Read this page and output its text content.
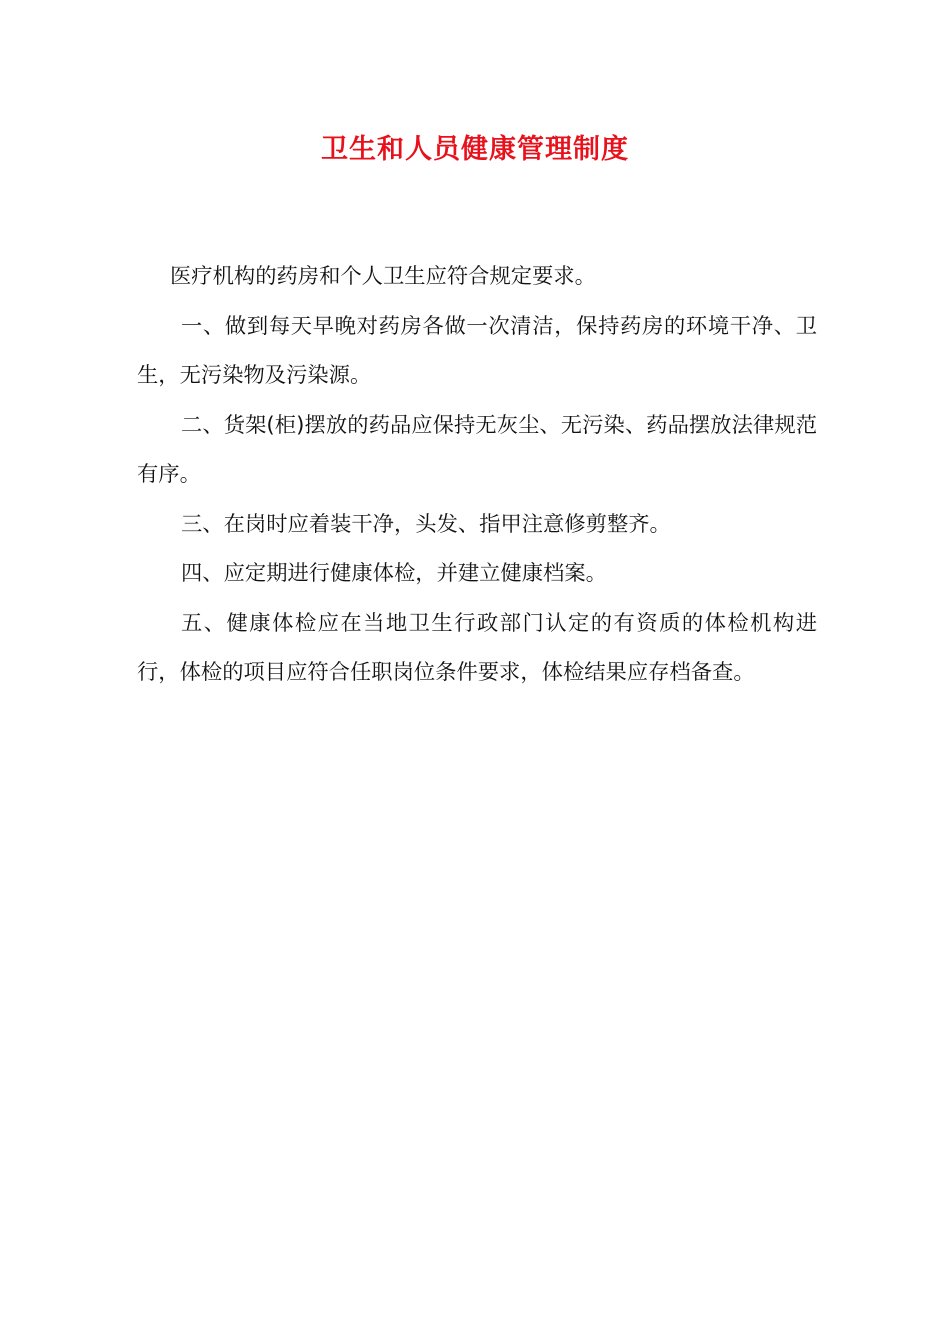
卫生和人员健康管理制度

医疗机构的药房和个人卫生应符合规定要求。

一、做到每天早晚对药房各做一次清洁，保持药房的环境干净、卫生，无污染物及污染源。

二、货架(柜)摆放的药品应保持无灰尘、无污染、药品摆放法律规范有序。

三、在岗时应着装干净，头发、指甲注意修剪整齐。

四、应定期进行健康体检，并建立健康档案。

五、健康体检应在当地卫生行政部门认定的有资质的体检机构进行，体检的项目应符合任职岗位条件要求，体检结果应存档备查。
